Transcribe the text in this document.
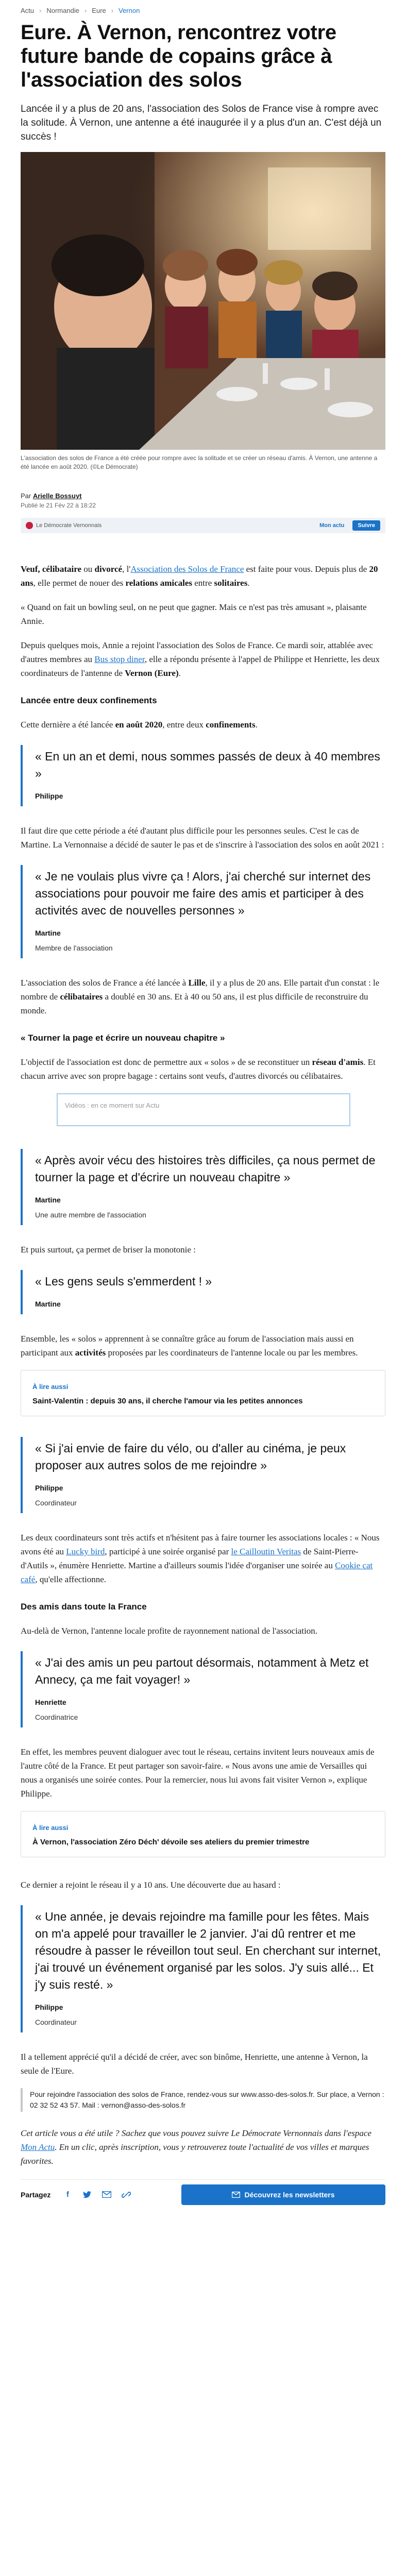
Actu › Normandie › Eure › Vernon
Eure. À Vernon, rencontrez votre future bande de copains grâce à l'association des solos

Lancée il y a plus de 20 ans, l'association des Solos de France vise à rompre avec la solitude. À Vernon, une antenne a été inaugurée il y a plus d'un an. C'est déjà un succès !

L'association des solos de France a été créée pour rompre avec la solitude et se créer un réseau d'amis. À Vernon, une antenne a été lancée en août 2020. (©Le Démocrate)

Par Arielle Bossuyt
Publié le 21 Fév 22 à 18:22
Le Démocrate Vernonnais	Mon actu	Suivre

Veuf, célibataire ou divorcé, l'Association des Solos de France est faite pour vous. Depuis plus de 20 ans, elle permet de nouer des relations amicales entre solitaires.

« Quand on fait un bowling seul, on ne peut que gagner. Mais ce n'est pas très amusant », plaisante Annie.

Depuis quelques mois, Annie a rejoint l'association des Solos de France. Ce mardi soir, attablée avec d'autres membres au Bus stop diner, elle a répondu présente à l'appel de Philippe et Henriette, les deux coordinateurs de l'antenne de Vernon (Eure).

Lancée entre deux confinements

Cette dernière a été lancée en août 2020, entre deux confinements.

« En un an et demi, nous sommes passés de deux à 40 membres »
Philippe

Il faut dire que cette période a été d'autant plus difficile pour les personnes seules. C'est le cas de Martine. La Vernonnaise a décidé de sauter le pas et de s'inscrire à l'association des solos en août 2021 :

« Je ne voulais plus vivre ça ! Alors, j'ai cherché sur internet des associations pour pouvoir me faire des amis et participer à des activités avec de nouvelles personnes »
Martine
Membre de l'association

L'association des solos de France a été lancée à Lille, il y a plus de 20 ans. Elle partait d'un constat : le nombre de célibataires a doublé en 30 ans. Et à 40 ou 50 ans, il est plus difficile de reconstruire du monde.

« Tourner la page et écrire un nouveau chapitre »

L'objectif de l'association est donc de permettre aux « solos » de se reconstituer un réseau d'amis. Et chacun arrive avec son propre bagage : certains sont veufs, d'autres divorcés ou célibataires.

Vidéos : en ce moment sur Actu
« Après avoir vécu des histoires très difficiles, ça nous permet de tourner la page et d'écrire un nouveau chapitre »
Martine
Une autre membre de l'association

Et puis surtout, ça permet de briser la monotonie :

« Les gens seuls s'emmerdent ! »
Martine

Ensemble, les « solos » apprennent à se connaître grâce au forum de l'association mais aussi en participant aux activités proposées par les coordinateurs de l'antenne locale ou par les membres.

À lire aussi
Saint-Valentin : depuis 30 ans, il cherche l'amour via les petites annonces
« Si j'ai envie de faire du vélo, ou d'aller au cinéma, je peux proposer aux autres solos de me rejoindre »
Philippe
Coordinateur

Les deux coordinateurs sont très actifs et n'hésitent pas à faire tourner les associations locales : « Nous avons été au Lucky bird, participé à une soirée organisé par le Cailloutin Veritas de Saint-Pierre-d'Autils », énumère Henriette. Martine a d'ailleurs soumis l'idée d'organiser une soirée au Cookie cat café, qu'elle affectionne.

Des amis dans toute la France

Au-delà de Vernon, l'antenne locale profite de rayonnement national de l'association.

« J'ai des amis un peu partout désormais, notamment à Metz et Annecy, ça me fait voyager! »
Henriette
Coordinatrice

En effet, les membres peuvent dialoguer avec tout le réseau, certains invitent leurs nouveaux amis de l'autre côté de la France. Et peut partager son savoir-faire. « Nous avons une amie de Versailles qui nous a organisés une soirée contes. Pour la remercier, nous lui avons fait visiter Vernon », explique Philippe.

À lire aussi
À Vernon, l'association Zéro Déch' dévoile ses ateliers du premier trimestre

Ce dernier a rejoint le réseau il y a 10 ans. Une découverte due au hasard :

« Une année, je devais rejoindre ma famille pour les fêtes. Mais on m'a appelé pour travailler le 2 janvier. J'ai dû rentrer et me résoudre à passer le réveillon tout seul. En cherchant sur internet, j'ai trouvé un événement organisé par les solos. J'y suis allé... Et j'y suis resté. »
Philippe
Coordinateur

Il a tellement apprécié qu'il a décidé de créer, avec son binôme, Henriette, une antenne à Vernon, la seule de l'Eure.

Pour rejoindre l'association des solos de France, rendez-vous sur www.asso-des-solos.fr. Sur place, a Vernon : 02 32 52 43 57. Mail : vernon@asso-des-solos.fr

Cet article vous a été utile ? Sachez que vous pouvez suivre Le Démocrate Vernonnais dans l'espace Mon Actu. En un clic, après inscription, vous y retrouverez toute l'actualité de vos villes et marques favorites.

Partagez	f	Découvrez les newsletters
